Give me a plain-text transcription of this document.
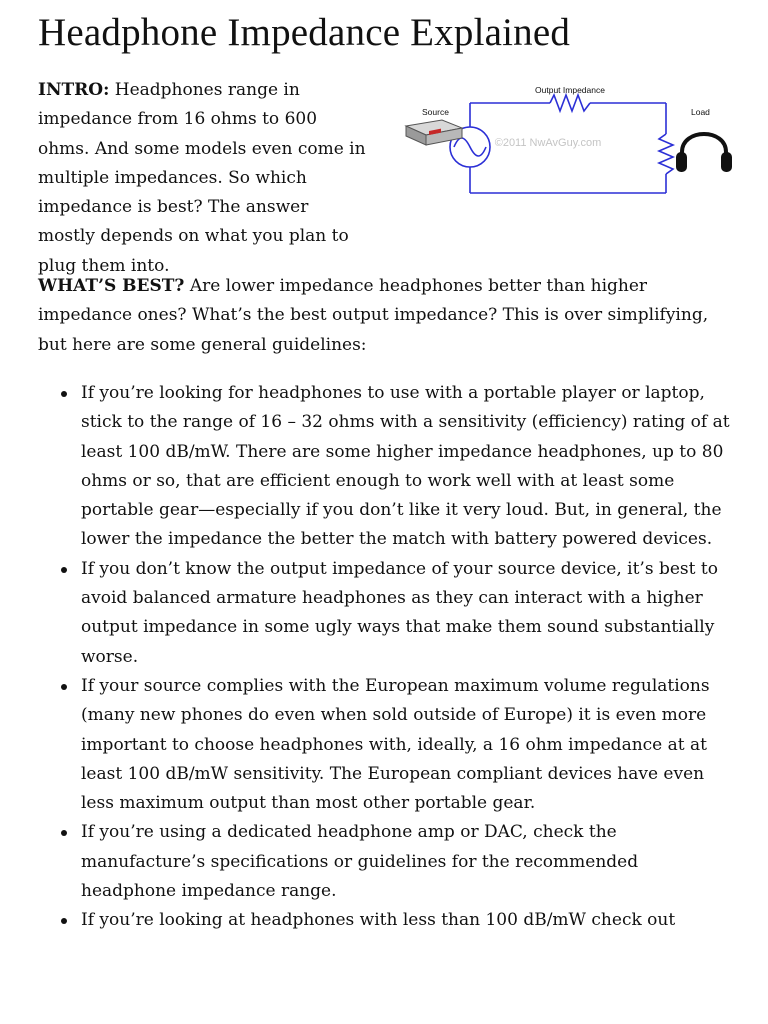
Headphone Impedance Explained

INTRO: Headphones range in impedance from 16 ohms to 600 ohms. And some models even come in multiple impedances. So which impedance is best? The answer mostly depends on what you plan to plug them into.

Output Impedance
Source	Load
©2011 NwAvGuy.com

WHAT’S BEST? Are lower impedance headphones better than higher impedance ones? What’s the best output impedance? This is over simplifying, but here are some general guidelines:

If you’re looking for headphones to use with a portable player or laptop, stick to the range of 16 – 32 ohms with a sensitivity (efficiency) rating of at least 100 dB/mW. There are some higher impedance headphones, up to 80 ohms or so, that are efficient enough to work well with at least some portable gear—especially if you don’t like it very loud. But, in general, the lower the impedance the better the match with battery powered devices.
If you don’t know the output impedance of your source device, it’s best to avoid balanced armature headphones as they can interact with a higher output impedance in some ugly ways that make them sound substantially worse.
If your source complies with the European maximum volume regulations (many new phones do even when sold outside of Europe) it is even more important to choose headphones with, ideally, a 16 ohm impedance at at least 100 dB/mW sensitivity. The European compliant devices have even less maximum output than most other portable gear.
If you’re using a dedicated headphone amp or DAC, check the manufacture’s specifications or guidelines for the recommended headphone impedance range.
If you’re looking at headphones with less than 100 dB/mW check out
